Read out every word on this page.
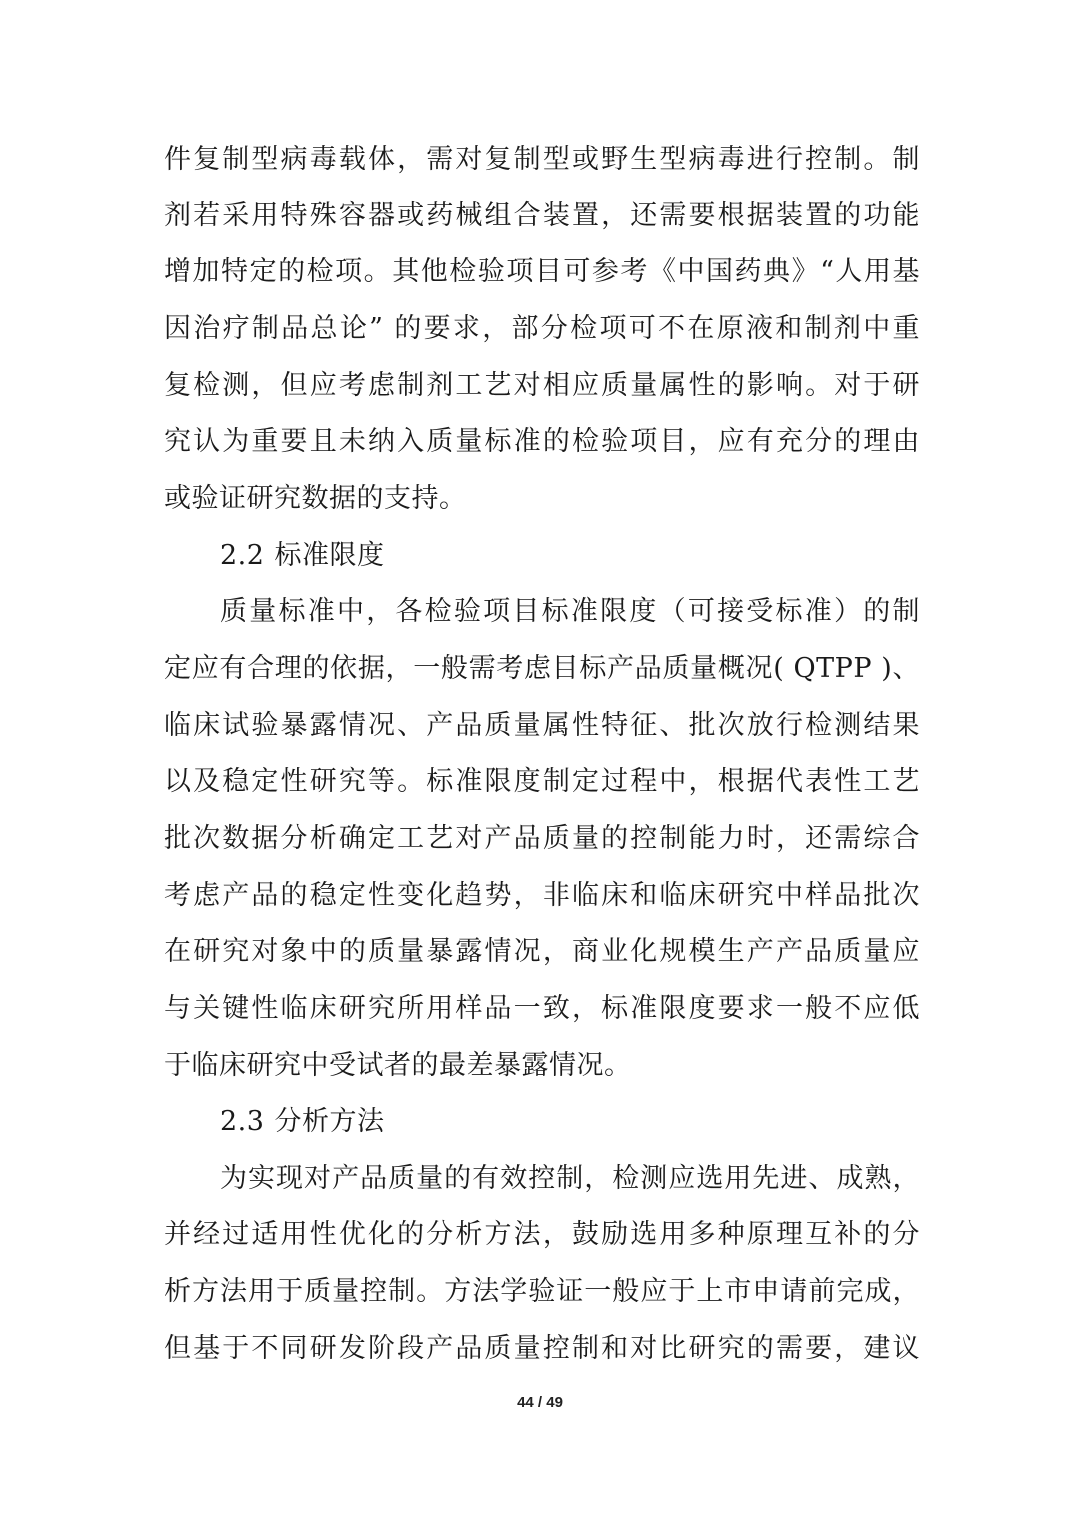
件复制型病毒载体，需对复制型或野生型病毒进行控制。制
剂若采用特殊容器或药械组合装置，还需要根据装置的功能
增加特定的检项。其他检验项目可参考《中国药典》“人用基
因治疗制品总论” 的要求，部分检项可不在原液和制剂中重
复检测，但应考虑制剂工艺对相应质量属性的影响。对于研
究认为重要且未纳入质量标准的检验项目，应有充分的理由
或验证研究数据的支持。
2.2 标准限度
质量标准中，各检验项目标准限度（可接受标准）的制
定应有合理的依据，一般需考虑目标产品质量概况( QTPP )、
临床试验暴露情况、产品质量属性特征、批次放行检测结果
以及稳定性研究等。标准限度制定过程中，根据代表性工艺
批次数据分析确定工艺对产品质量的控制能力时，还需综合
考虑产品的稳定性变化趋势，非临床和临床研究中样品批次
在研究对象中的质量暴露情况，商业化规模生产产品质量应
与关键性临床研究所用样品一致，标准限度要求一般不应低
于临床研究中受试者的最差暴露情况。
2.3 分析方法
为实现对产品质量的有效控制，检测应选用先进、成熟，
并经过适用性优化的分析方法，鼓励选用多种原理互补的分
析方法用于质量控制。方法学验证一般应于上市申请前完成，
但基于不同研发阶段产品质量控制和对比研究的需要，建议
44 / 49
